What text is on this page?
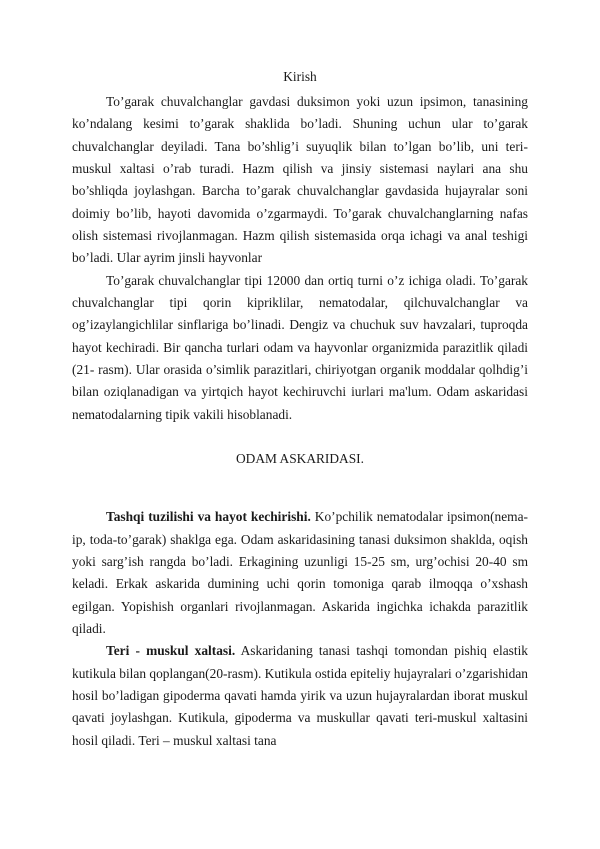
Kirish

To’garak chuvalchanglar gavdasi duksimon yoki uzun ipsimon, tanasining ko’ndalang kesimi to’garak shaklida bo’ladi. Shuning uchun ular to’garak chuvalchanglar deyiladi. Tana bo’shlig’i suyuqlik bilan to’lgan bo’lib, uni teri-muskul xaltasi o’rab turadi. Hazm qilish va jinsiy sistemasi naylari ana shu bo’shliqda joylashgan. Barcha to’garak chuvalchanglar gavdasida hujayralar soni doimiy bo’lib, hayoti davomida o’zgarmaydi. To’garak chuvalchanglarning nafas olish sistemasi rivojlanmagan. Hazm qilish sistemasida orqa ichagi va anal teshigi bo’ladi. Ular ayrim jinsli hayvonlar

To’garak chuvalchanglar tipi 12000 dan ortiq turni o’z ichiga oladi. To’garak chuvalchanglar tipi qorin kipriklilar, nematodalar, qilchuvalchanglar va og’izaylangichlilar sinflariga bo’linadi. Dengiz va chuchuk suv havzalari, tuproqda hayot kechiradi. Bir qancha turlari odam va hayvonlar organizmida parazitlik qiladi (21- rasm). Ular orasida o’simlik parazitlari, chiriyotgan organik moddalar qolhdig’i bilan oziqlanadigan va yirtqich hayot kechiruvchi iurlari ma'lum. Odam askaridasi nematodalarning tipik vakili hisoblanadi.

ODAM ASKARIDASI.

Tashqi tuzilishi va hayot kechirishi. Ko’pchilik nematodalar ipsimon(nema-ip, toda-to’garak) shaklga ega. Odam askaridasining tanasi duksimon shaklda, oqish yoki sarg’ish rangda bo’ladi. Erkagining uzunligi 15-25 sm, urg’ochisi 20-40 sm keladi. Erkak askarida dumining uchi qorin tomoniga qarab ilmoqqa o’xshash egilgan. Yopishish organlari rivojlanmagan. Askarida ingichka ichakda parazitlik qiladi.

Teri - muskul xaltasi. Askaridaning tanasi tashqi tomondan pishiq elastik kutikula bilan qoplangan(20-rasm). Kutikula ostida epiteliy hujayralari o’zgarishidan hosil bo’ladigan gipoderma qavati hamda yirik va uzun hujayralardan iborat muskul qavati joylashgan. Kutikula, gipoderma va muskullar qavati teri-muskul xaltasini hosil qiladi. Teri – muskul xaltasi tana
